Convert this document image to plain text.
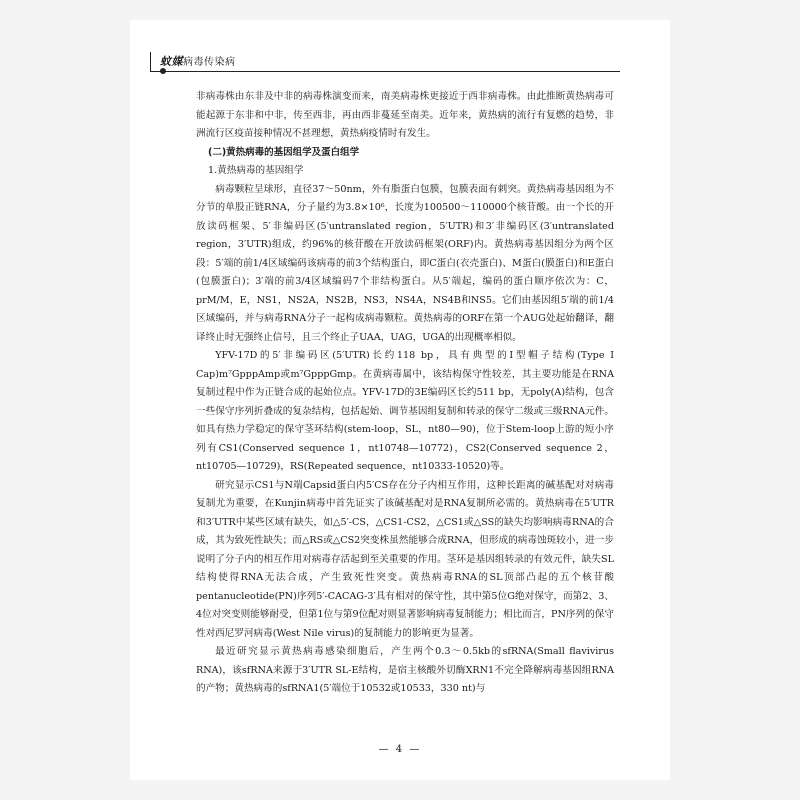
蚊媒病毒传染病

非病毒株由东非及中非的病毒株演变而来，南美病毒株更接近于西非病毒株。由此推断黄热病毒可能起源于东非和中非，传至西非，再由西非蔓延至南美。近年来，黄热病的流行有复燃的趋势，非洲流行区疫苗接种情况不甚理想，黄热病疫情时有发生。

(二)黄热病毒的基因组学及蛋白组学

1.黄热病毒的基因组学

病毒颗粒呈球形，直径37～50nm，外有脂蛋白包膜，包膜表面有刺突。黄热病毒基因组为不分节的单股正链RNA，分子量约为3.8×10⁶，长度为100500～110000个核苷酸。由一个长的开放读码框架、5′非编码区(5′untranslated region，5′UTR)和3′非编码区(3′untranslated region，3′UTR)组成，约96%的核苷酸在开放读码框架(ORF)内。黄热病毒基因组分为两个区段：5′端的前1/4区域编码该病毒的前3个结构蛋白，即C蛋白(衣壳蛋白)、M蛋白(膜蛋白)和E蛋白(包膜蛋白)；3′端的前3/4区域编码7个非结构蛋白。从5′端起，编码的蛋白顺序依次为：C，prM/M，E，NS1，NS2A，NS2B，NS3，NS4A，NS4B和NS5。它们由基因组5′端的前1/4区域编码，并与病毒RNA分子一起构成病毒颗粒。黄热病毒的ORF在第一个AUG处起始翻译，翻译终止时无强终止信号，且三个终止子UAA，UAG，UGA的出现概率相似。

YFV-17D的5′非编码区(5′UTR)长约118 bp，具有典型的Ⅰ型帽子结构(Type Ⅰ Cap)m⁷GpppAmp或m⁷GpppGmp。在黄病毒属中，该结构保守性较差，其主要功能是在RNA复制过程中作为正链合成的起始位点。YFV-17D的3E编码区长约511 bp，无poly(A)结构，包含一些保守序列折叠成的复杂结构，包括起始、调节基因组复制和转录的保守二级或三级RNA元件。如具有热力学稳定的保守茎环结构(stem-loop，SL，nt80—90)，位于Stem-loop上游的短小序列有CS1(Conserved sequence 1，nt10748—10772)，CS2(Conserved sequence 2，nt10705—10729)，RS(Repeated sequence，nt10333-10520)等。

研究显示CS1与N端Capsid蛋白内5′CS存在分子内相互作用，这种长距离的碱基配对对病毒复制尤为重要，在Kunjin病毒中首先证实了该碱基配对是RNA复制所必需的。黄热病毒在5′UTR和3′UTR中某些区域有缺失，如△5′-CS，△CS1-CS2，△CS1或△SS的缺失均影响病毒RNA的合成，其为致死性缺失；而△RS或△CS2突变株虽然能够合成RNA，但形成的病毒蚀斑较小，进一步说明了分子内的相互作用对病毒存活起到至关重要的作用。茎环是基因组转录的有效元件，缺失SL结构使得RNA无法合成，产生致死性突变。黄热病毒RNA的SL顶部凸起的五个核苷酸pentanucleotide(PN)序列5′-CACAG-3′具有相对的保守性，其中第5位G绝对保守，而第2、3、4位对突变则能够耐受，但第1位与第9位配对则显著影响病毒复制能力；相比而言，PN序列的保守性对西尼罗河病毒(West Nile virus)的复制能力的影响更为显著。

最近研究显示黄热病毒感染细胞后，产生两个0.3～0.5kb的sfRNA(Small flavivirus RNA)，该sfRNA来源于3′UTR SL-E结构，是宿主核酸外切酶XRN1不完全降解病毒基因组RNA的产物；黄热病毒的sfRNA1(5′端位于10532或10533，330 nt)与

— 4 —
